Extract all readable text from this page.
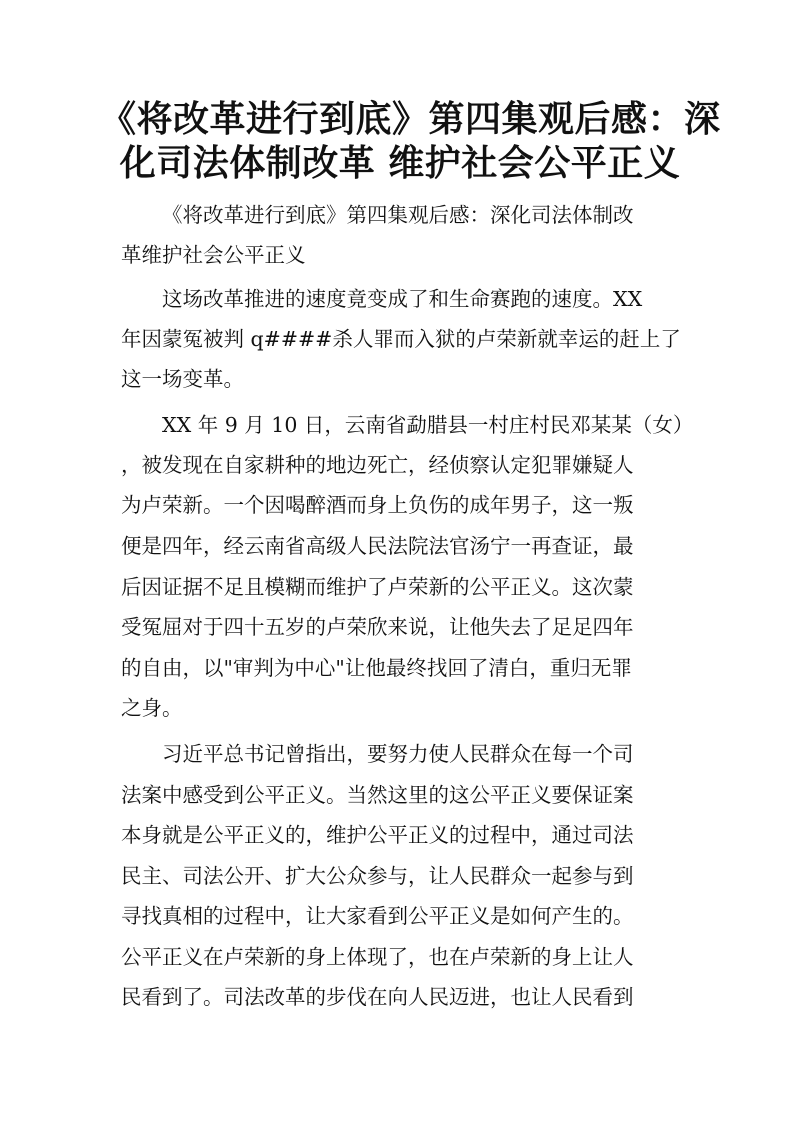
《将改革进行到底》第四集观后感：深
化司法体制改革 维护社会公平正义

《将改革进行到底》第四集观后感：深化司法体制改

革维护社会公平正义

这场改革推进的速度竟变成了和生命赛跑的速度。XX

年因蒙冤被判 q####杀人罪而入狱的卢荣新就幸运的赶上了

这一场变革。

XX 年 9 月 10 日，云南省勐腊县一村庄村民邓某某（女）

，被发现在自家耕种的地边死亡，经侦察认定犯罪嫌疑人

为卢荣新。一个因喝醉酒而身上负伤的成年男子，这一叛

便是四年，经云南省高级人民法院法官汤宁一再查证，最

后因证据不足且模糊而维护了卢荣新的公平正义。这次蒙

受冤屈对于四十五岁的卢荣欣来说，让他失去了足足四年

的自由，以"审判为中心"让他最终找回了清白，重归无罪

之身。

习近平总书记曾指出，要努力使人民群众在每一个司

法案中感受到公平正义。当然这里的这公平正义要保证案

本身就是公平正义的，维护公平正义的过程中，通过司法

民主、司法公开、扩大公众参与，让人民群众一起参与到

寻找真相的过程中，让大家看到公平正义是如何产生的。

公平正义在卢荣新的身上体现了，也在卢荣新的身上让人

民看到了。司法改革的步伐在向人民迈进，也让人民看到
